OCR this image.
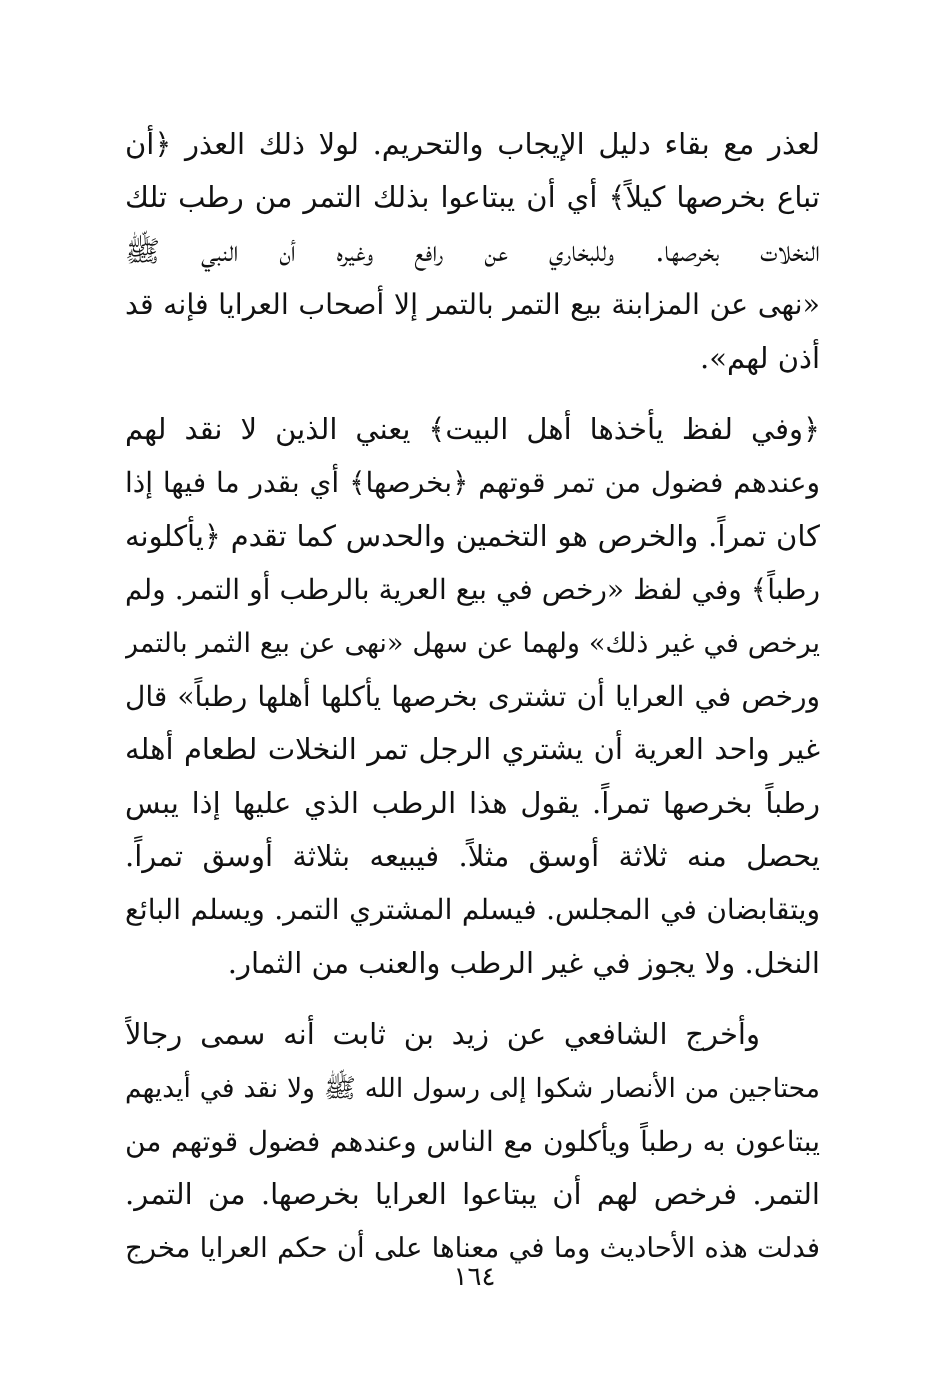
لعذر مع بقاء دليل الإيجاب والتحريم. لولا ذلك العذر ﴿أن
تباع بخرصها كيلاً﴾ أي أن يبتاعوا بذلك التمر من رطب تلك
النخلات بخرصها. وللبخاري عن رافع وغيره أن النبي ﷺ
«نهى عن المزابنة بيع التمر بالتمر إلا أصحاب العرايا فإنه قد
أذن لهم».
﴿وفي لفظ يأخذها أهل البيت﴾ يعني الذين لا نقد لهم
وعندهم فضول من تمر قوتهم ﴿بخرصها﴾ أي بقدر ما فيها إذا
كان تمراً. والخرص هو التخمين والحدس كما تقدم ﴿يأكلونه
رطباً﴾ وفي لفظ «رخص في بيع العرية بالرطب أو التمر. ولم
يرخص في غير ذلك» ولهما عن سهل «نهى عن بيع الثمر بالتمر
ورخص في العرايا أن تشترى بخرصها يأكلها أهلها رطباً» قال
غير واحد العرية أن يشتري الرجل تمر النخلات لطعام أهله
رطباً بخرصها تمراً. يقول هذا الرطب الذي عليها إذا يبس
يحصل منه ثلاثة أوسق مثلاً. فيبيعه بثلاثة أوسق تمراً.
ويتقابضان في المجلس. فيسلم المشتري التمر. ويسلم البائع
النخل. ولا يجوز في غير الرطب والعنب من الثمار.
وأخرج الشافعي عن زيد بن ثابت أنه سمى رجالاً
محتاجين من الأنصار شكوا إلى رسول الله ﷺ ولا نقد في أيديهم
يبتاعون به رطباً ويأكلون مع الناس وعندهم فضول قوتهم من
التمر. فرخص لهم أن يبتاعوا العرايا بخرصها. من التمر.
فدلت هذه الأحاديث وما في معناها على أن حكم العرايا مخرج
١٦٤
